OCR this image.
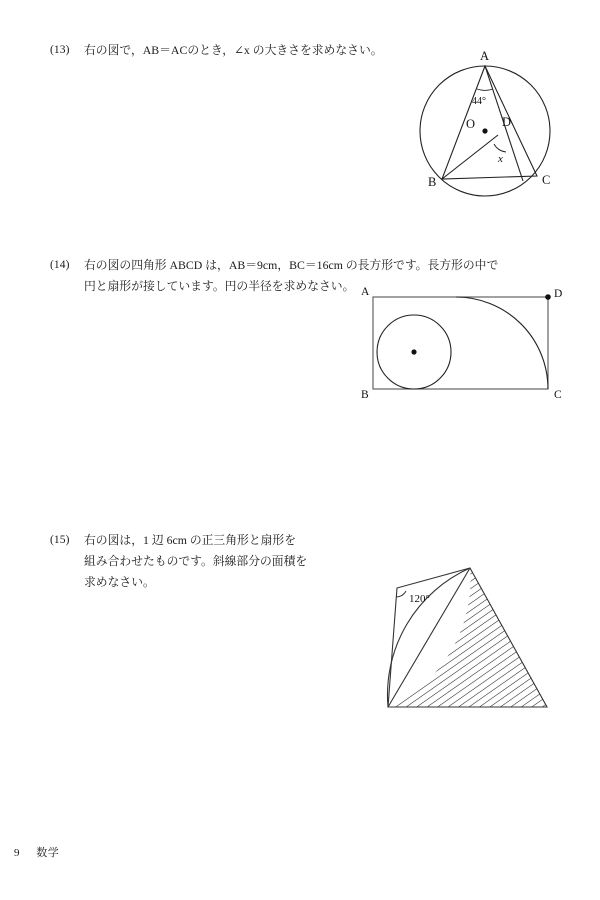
(13)	右の図で，AB＝ACのとき，∠x の大きさを求めなさい。	A
B	C
D
O
44°
x
(14)	右の図の四角形 ABCD は，AB＝9cm，BC＝16cm の長方形です。長方形の中で
円と扇形が接しています。円の半径を求めなさい。 A	D
B	C
(15)	右の図は，1 辺 6cm の正三角形と扇形を
組み合わせたものです。斜線部分の面積を
求めなさい。
120°
9 数学
